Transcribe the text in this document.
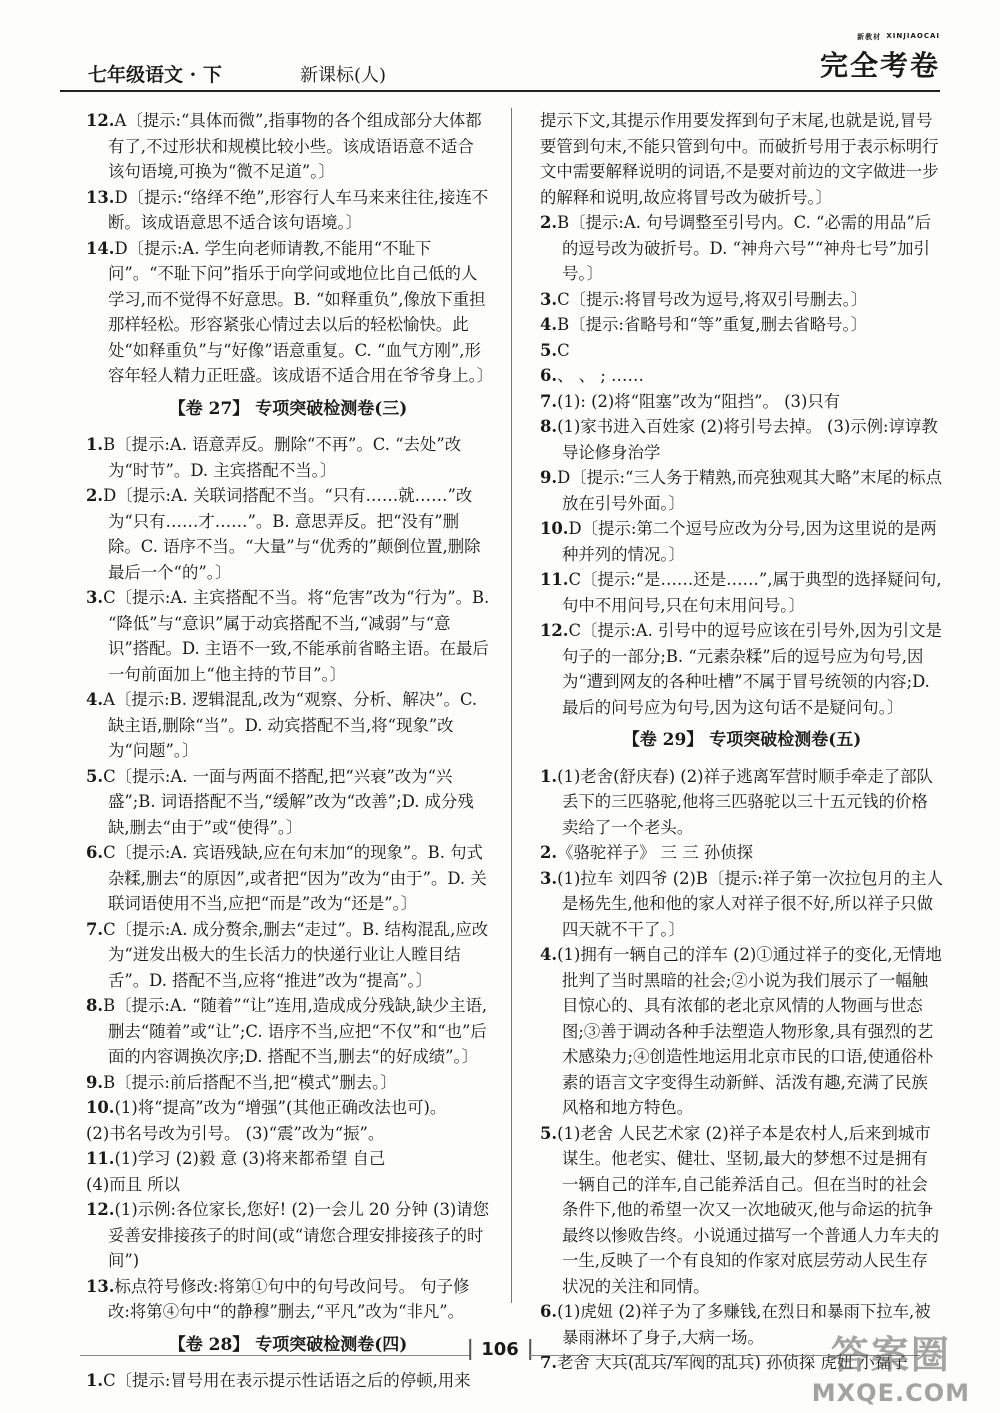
七年级语文 · 下	新课标(人)
$^{新教材}$ $^{XINJIAOCAI}$
完全考卷
12.A〔提示:“具体而微”,指事物的各个组成部分大体都有了,不过形状和规模比较小些。该成语语意不适合该句语境,可换为“微不足道”。〕
13.D〔提示:“络绎不绝”,形容行人车马来来往往,接连不断。该成语意思不适合该句语境。〕
14.D〔提示:A. 学生向老师请教,不能用“不耻下问”。“不耻下问”指乐于向学问或地位比自己低的人学习,而不觉得不好意思。B. “如释重负”,像放下重担那样轻松。形容紧张心情过去以后的轻松愉快。此处“如释重负”与“好像”语意重复。C. “血气方刚”,形容年轻人精力正旺盛。该成语不适合用在爷爷身上。〕
【卷 27】 专项突破检测卷(三)
1.B〔提示:A. 语意弄反。删除“不再”。C. “去处”改为“时节”。D. 主宾搭配不当。〕
2.D〔提示:A. 关联词搭配不当。“只有……就……”改为“只有……才……”。B. 意思弄反。把“没有”删除。C. 语序不当。“大量”与“优秀的”颠倒位置,删除最后一个“的”。〕
3.C〔提示:A. 主宾搭配不当。将“危害”改为“行为”。B. “降低”与“意识”属于动宾搭配不当,“减弱”与“意识”搭配。D. 主语不一致,不能承前省略主语。在最后一句前面加上“他主持的节目”。〕
4.A〔提示:B. 逻辑混乱,改为“观察、分析、解决”。C. 缺主语,删除“当”。D. 动宾搭配不当,将“现象”改为“问题”。〕
5.C〔提示:A. 一面与两面不搭配,把“兴衰”改为“兴盛”;B. 词语搭配不当,“缓解”改为“改善”;D. 成分残缺,删去“由于”或“使得”。〕
6.C〔提示:A. 宾语残缺,应在句末加“的现象”。B. 句式杂糅,删去“的原因”,或者把“因为”改为“由于”。D. 关联词语使用不当,应把“而是”改为“还是”。〕
7.C〔提示:A. 成分赘余,删去“走过”。B. 结构混乱,应改为“迸发出极大的生长活力的快递行业让人瞠目结舌”。D. 搭配不当,应将“推进”改为“提高”。〕
8.B〔提示:A. “随着”“让”连用,造成成分残缺,缺少主语,删去“随着”或“让”;C. 语序不当,应把“不仅”和“也”后面的内容调换次序;D. 搭配不当,删去“的好成绩”。〕
9.B〔提示:前后搭配不当,把“模式”删去。〕
10.(1)将“提高”改为“增强”(其他正确改法也可)。
(2)书名号改为引号。 (3)“震”改为“振”。
11.(1)学习 (2)毅 意 (3)将来都希望 自己
(4)而且 所以
12.(1)示例:各位家长,您好! (2)一会儿 20 分钟 (3)请您妥善安排接孩子的时间(或“请您合理安排接孩子的时间”)
13.标点符号修改:将第①句中的句号改问号。 句子修改:将第④句中“的静穆”删去,“平凡”改为“非凡”。
【卷 28】 专项突破检测卷(四)
1.C〔提示:冒号用在表示提示性话语之后的停顿,用来
提示下文,其提示作用要发挥到句子末尾,也就是说,冒号要管到句末,不能只管到句中。而破折号用于表示标明行文中需要解释说明的词语,不是要对前边的文字做进一步的解释和说明,故应将冒号改为破折号。〕
2.B〔提示:A. 句号调整至引号内。C. “必需的用品”后的逗号改为破折号。D. “神舟六号”“神舟七号”加引号。〕
3.C〔提示:将冒号改为逗号,将双引号删去。〕
4.B〔提示:省略号和“等”重复,删去省略号。〕
5.C
6.、 、 ; ……
7.(1): (2)将“阻塞”改为“阻挡”。 (3)只有
8.(1)家书进入百姓家 (2)将引号去掉。 (3)示例:谆谆教导论修身治学
9.D〔提示:“三人务于精熟,而亮独观其大略”末尾的标点放在引号外面。〕
10.D〔提示:第二个逗号应改为分号,因为这里说的是两种并列的情况。〕
11.C〔提示:“是……还是……”,属于典型的选择疑问句,句中不用问号,只在句末用问号。〕
12.C〔提示:A. 引号中的逗号应该在引号外,因为引文是句子的一部分;B. “元素杂糅”后的逗号应为句号,因为“遭到网友的各种吐槽”不属于冒号统领的内容;D. 最后的问号应为句号,因为这句话不是疑问句。〕
【卷 29】 专项突破检测卷(五)
1.(1)老舍(舒庆春) (2)祥子逃离军营时顺手牵走了部队丢下的三匹骆驼,他将三匹骆驼以三十五元钱的价格卖给了一个老头。
2.《骆驼祥子》 三 三 孙侦探
3.(1)拉车 刘四爷 (2)B〔提示:祥子第一次拉包月的主人是杨先生,他和他的家人对祥子很不好,所以祥子只做四天就不干了。〕
4.(1)拥有一辆自己的洋车 (2)①通过祥子的变化,无情地批判了当时黑暗的社会;②小说为我们展示了一幅触目惊心的、具有浓郁的老北京风情的人物画与世态图;③善于调动各种手法塑造人物形象,具有强烈的艺术感染力;④创造性地运用北京市民的口语,使通俗朴素的语言文字变得生动新鲜、活泼有趣,充满了民族风格和地方特色。
5.(1)老舍 人民艺术家 (2)祥子本是农村人,后来到城市谋生。他老实、健壮、坚韧,最大的梦想不过是拥有一辆自己的洋车,自己能养活自己。但在当时的社会条件下,他的希望一次又一次地破灭,他与命运的抗争最终以惨败告终。小说通过描写一个普通人力车夫的一生,反映了一个有良知的作家对底层劳动人民生存状况的关注和同情。
6.(1)虎妞 (2)祥子为了多赚钱,在烈日和暴雨下拉车,被暴雨淋坏了身子,大病一场。
7.老舍 大兵(乱兵/军阀的乱兵) 孙侦探 虎妞 小福子
106	答案圈
MXQE.COM
